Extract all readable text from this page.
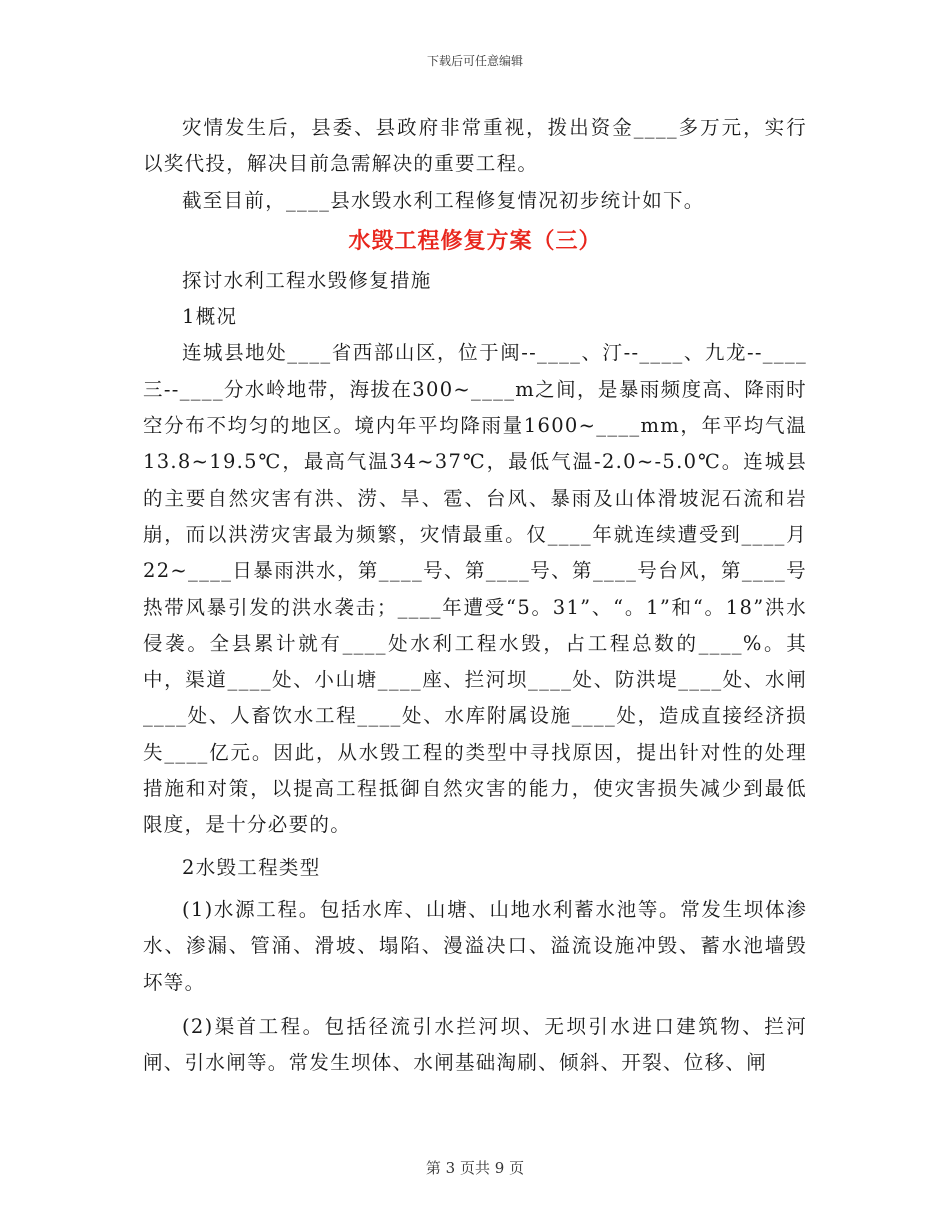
下载后可任意编辑

灾情发生后，县委、县政府非常重视，拨出资金____多万元，实行以奖代投，解决目前急需解决的重要工程。

截至目前，____县水毁水利工程修复情况初步统计如下。

水毁工程修复方案（三）

探讨水利工程水毁修复措施

1概况

连城县地处____省西部山区，位于闽--____、汀--____、九龙--____三--____分水岭地带，海拔在300~____m之间，是暴雨频度高、降雨时空分布不均匀的地区。境内年平均降雨量1600~____mm，年平均气温13.8~19.5℃，最高气温34~37℃，最低气温-2.0~-5.0℃。连城县的主要自然灾害有洪、涝、旱、雹、台风、暴雨及山体滑坡泥石流和岩崩，而以洪涝灾害最为频繁，灾情最重。仅____年就连续遭受到____月22~____日暴雨洪水，第____号、第____号、第____号台风，第____号热带风暴引发的洪水袭击；____年遭受“5。31”、“。1”和“。18”洪水侵袭。全县累计就有____处水利工程水毁，占工程总数的____%。其中，渠道____处、小山塘____座、拦河坝____处、防洪堤____处、水闸____处、人畜饮水工程____处、水库附属设施____处，造成直接经济损失____亿元。因此，从水毁工程的类型中寻找原因，提出针对性的处理措施和对策，以提高工程抵御自然灾害的能力，使灾害损失减少到最低限度，是十分必要的。

2水毁工程类型

(1)水源工程。包括水库、山塘、山地水利蓄水池等。常发生坝体渗水、渗漏、管涌、滑坡、塌陷、漫溢决口、溢流设施冲毁、蓄水池墙毁坏等。

(2)渠首工程。包括径流引水拦河坝、无坝引水进口建筑物、拦河闸、引水闸等。常发生坝体、水闸基础淘刷、倾斜、开裂、位移、闸

第 3 页共 9 页
